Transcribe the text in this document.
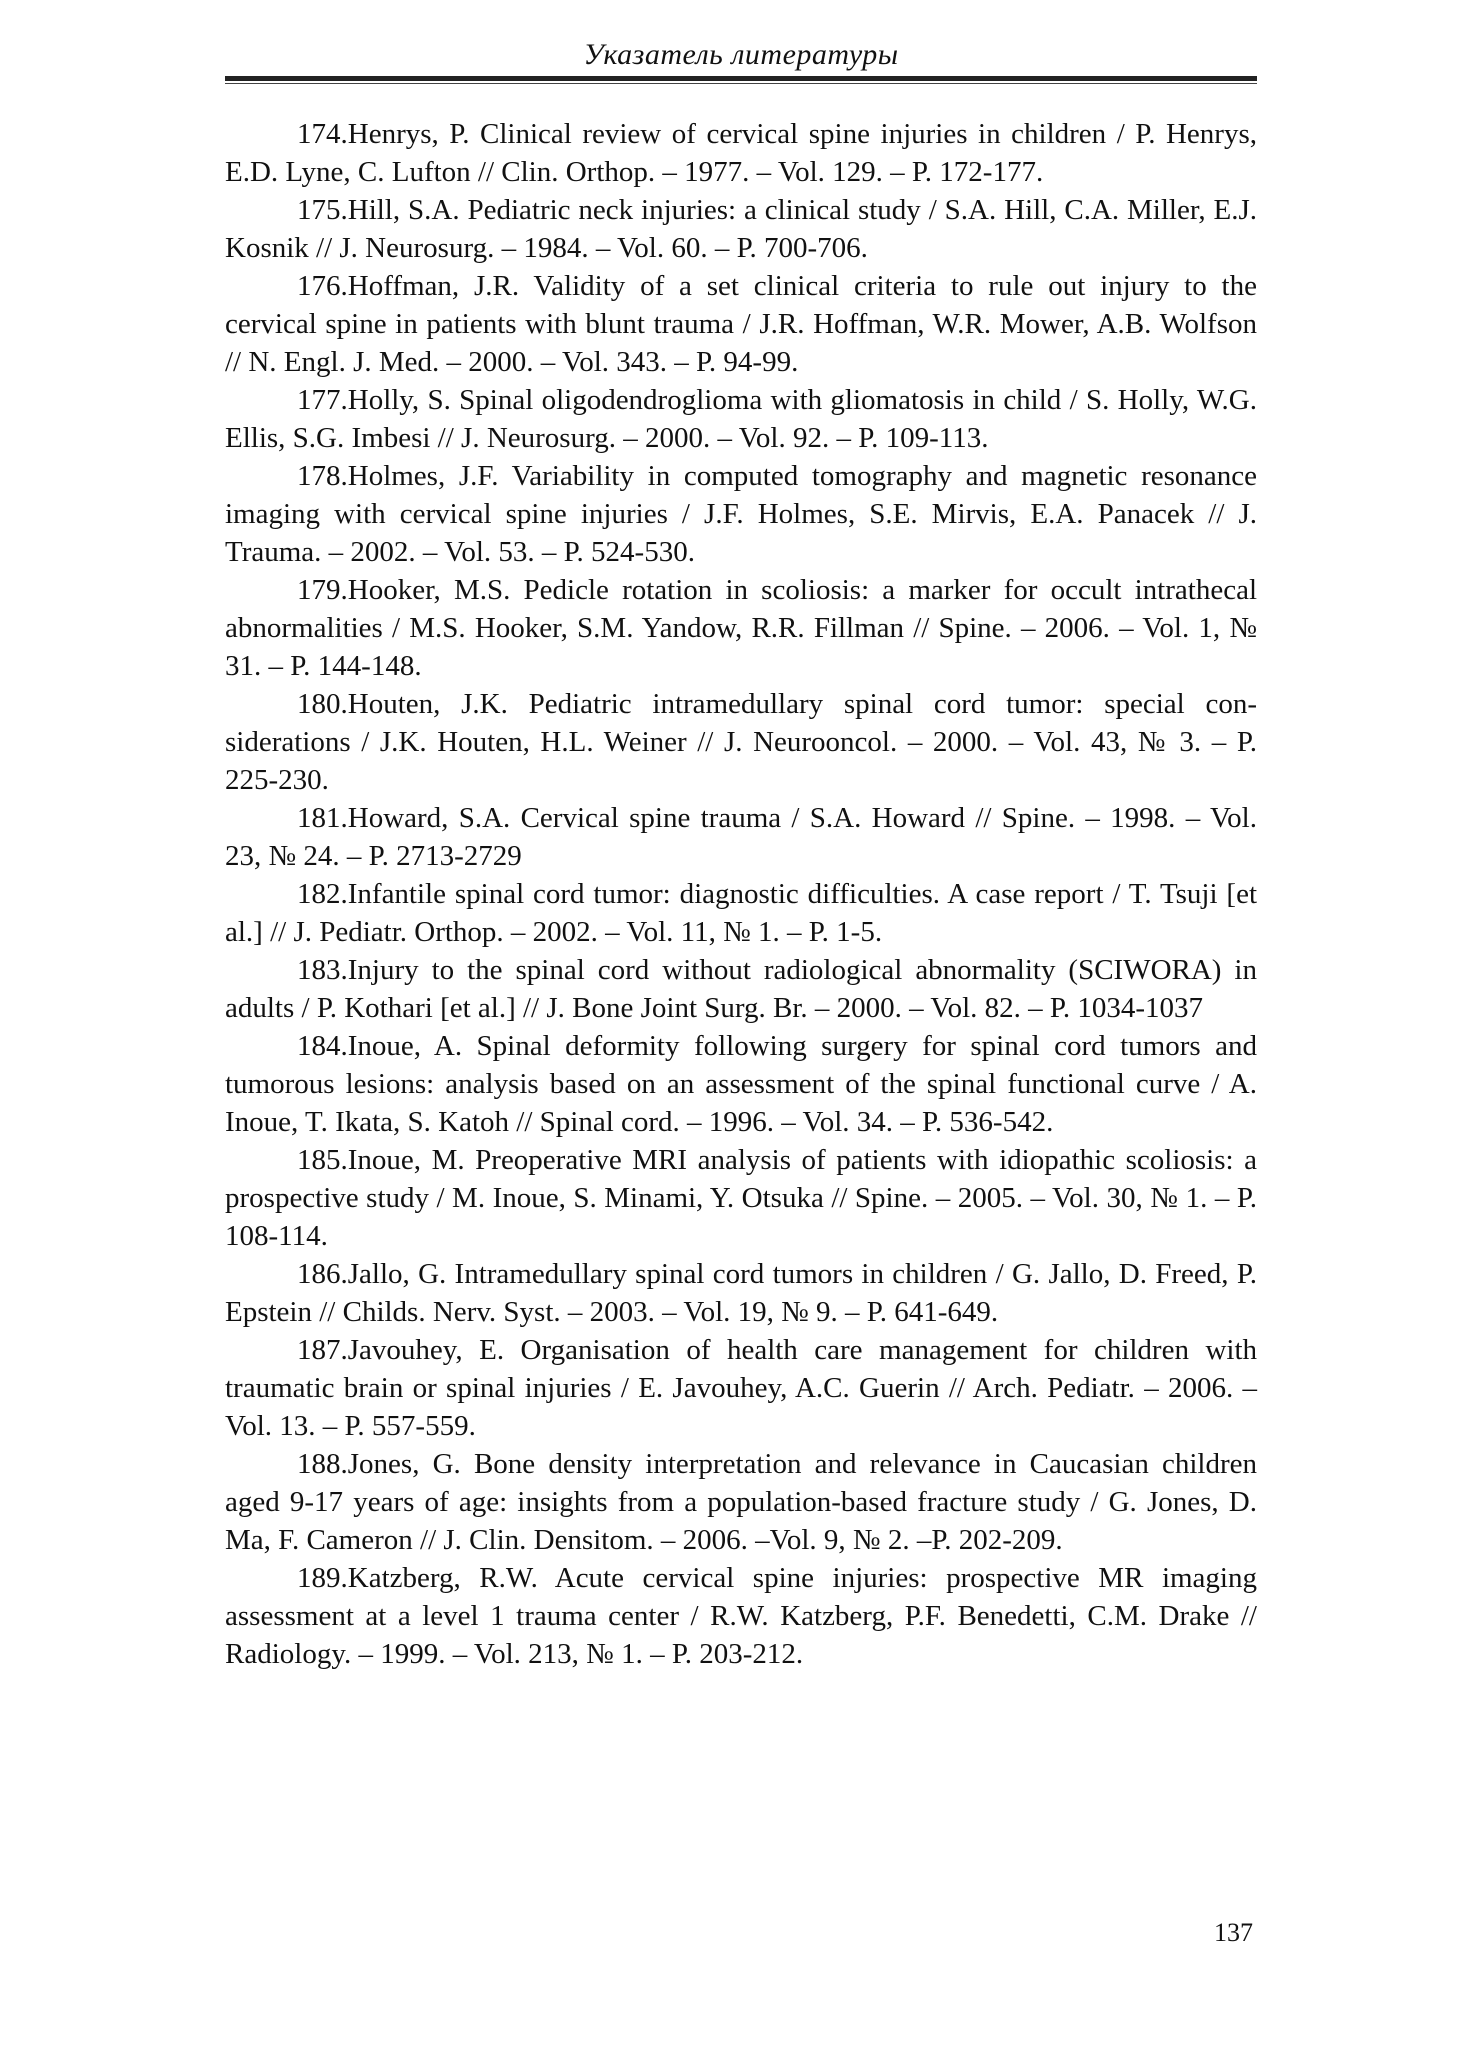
Указатель литературы
174.Henrys, P. Clinical review of cervical spine injuries in children / P. Henrys, E.D. Lyne, C. Lufton // Clin. Orthop. – 1977. – Vol. 129. – P. 172-177.
175.Hill, S.A. Pediatric neck injuries: a clinical study / S.A. Hill, C.A. Miller, E.J. Kosnik // J. Neurosurg. – 1984. – Vol. 60. – P. 700-706.
176.Hoffman, J.R. Validity of a set clinical criteria to rule out injury to the cervical spine in patients with blunt trauma / J.R. Hoffman, W.R. Mower, A.B. Wolfson // N. Engl. J. Med. – 2000. – Vol. 343. – P. 94-99.
177.Holly, S. Spinal oligodendroglioma with gliomatosis in child / S. Holly, W.G. Ellis, S.G. Imbesi // J. Neurosurg. – 2000. – Vol. 92. – P. 109-113.
178.Holmes, J.F. Variability in computed tomography and magnetic resonance imaging with cervical spine injuries / J.F. Holmes, S.E. Mirvis, E.A. Panacek // J. Trauma. – 2002. – Vol. 53. – P. 524-530.
179.Hooker, M.S. Pedicle rotation in scoliosis: a marker for occult intrathecal abnormalities / M.S. Hooker, S.M. Yandow, R.R. Fillman // Spine. – 2006. – Vol. 1, № 31. – P. 144-148.
180.Houten, J.K. Pediatric intramedullary spinal cord tumor: special considerations / J.K. Houten, H.L. Weiner // J. Neurooncol. – 2000. – Vol. 43, № 3. – P. 225-230.
181.Howard, S.A. Cervical spine trauma / S.A. Howard // Spine. – 1998. – Vol. 23, № 24. – P. 2713-2729
182.Infantile spinal cord tumor: diagnostic difficulties. A case report / T. Tsuji [et al.] // J. Pediatr. Orthop. – 2002. – Vol. 11, № 1. – P. 1-5.
183.Injury to the spinal cord without radiological abnormality (SCIWORA) in adults / P. Kothari [et al.] // J. Bone Joint Surg. Br. – 2000. – Vol. 82. – P. 1034-1037
184.Inoue, A. Spinal deformity following surgery for spinal cord tumors and tumorous lesions: analysis based on an assessment of the spinal functional curve / A. Inoue, T. Ikata, S. Katoh // Spinal cord. – 1996. – Vol. 34. – P. 536-542.
185.Inoue, M. Preoperative MRI analysis of patients with idiopathic scoliosis: a prospective study / M. Inoue, S. Minami, Y. Otsuka // Spine. – 2005. – Vol. 30, № 1. – P. 108-114.
186.Jallo, G. Intramedullary spinal cord tumors in children / G. Jallo, D. Freed, P. Epstein // Childs. Nerv. Syst. – 2003. – Vol. 19, № 9. – P. 641-649.
187.Javouhey, E. Organisation of health care management for children with traumatic brain or spinal injuries / E. Javouhey, A.C. Guerin // Arch. Pediatr. – 2006. –Vol. 13. – P. 557-559.
188.Jones, G. Bone density interpretation and relevance in Caucasian children aged 9-17 years of age: insights from a population-based fracture study / G. Jones, D. Ma, F. Cameron // J. Clin. Densitom. – 2006. –Vol. 9, № 2. –P. 202-209.
189.Katzberg, R.W. Acute cervical spine injuries: prospective MR imaging assessment at a level 1 trauma center / R.W. Katzberg, P.F. Benedetti, C.M. Drake // Radiology. – 1999. – Vol. 213, № 1. – P. 203-212.
137
